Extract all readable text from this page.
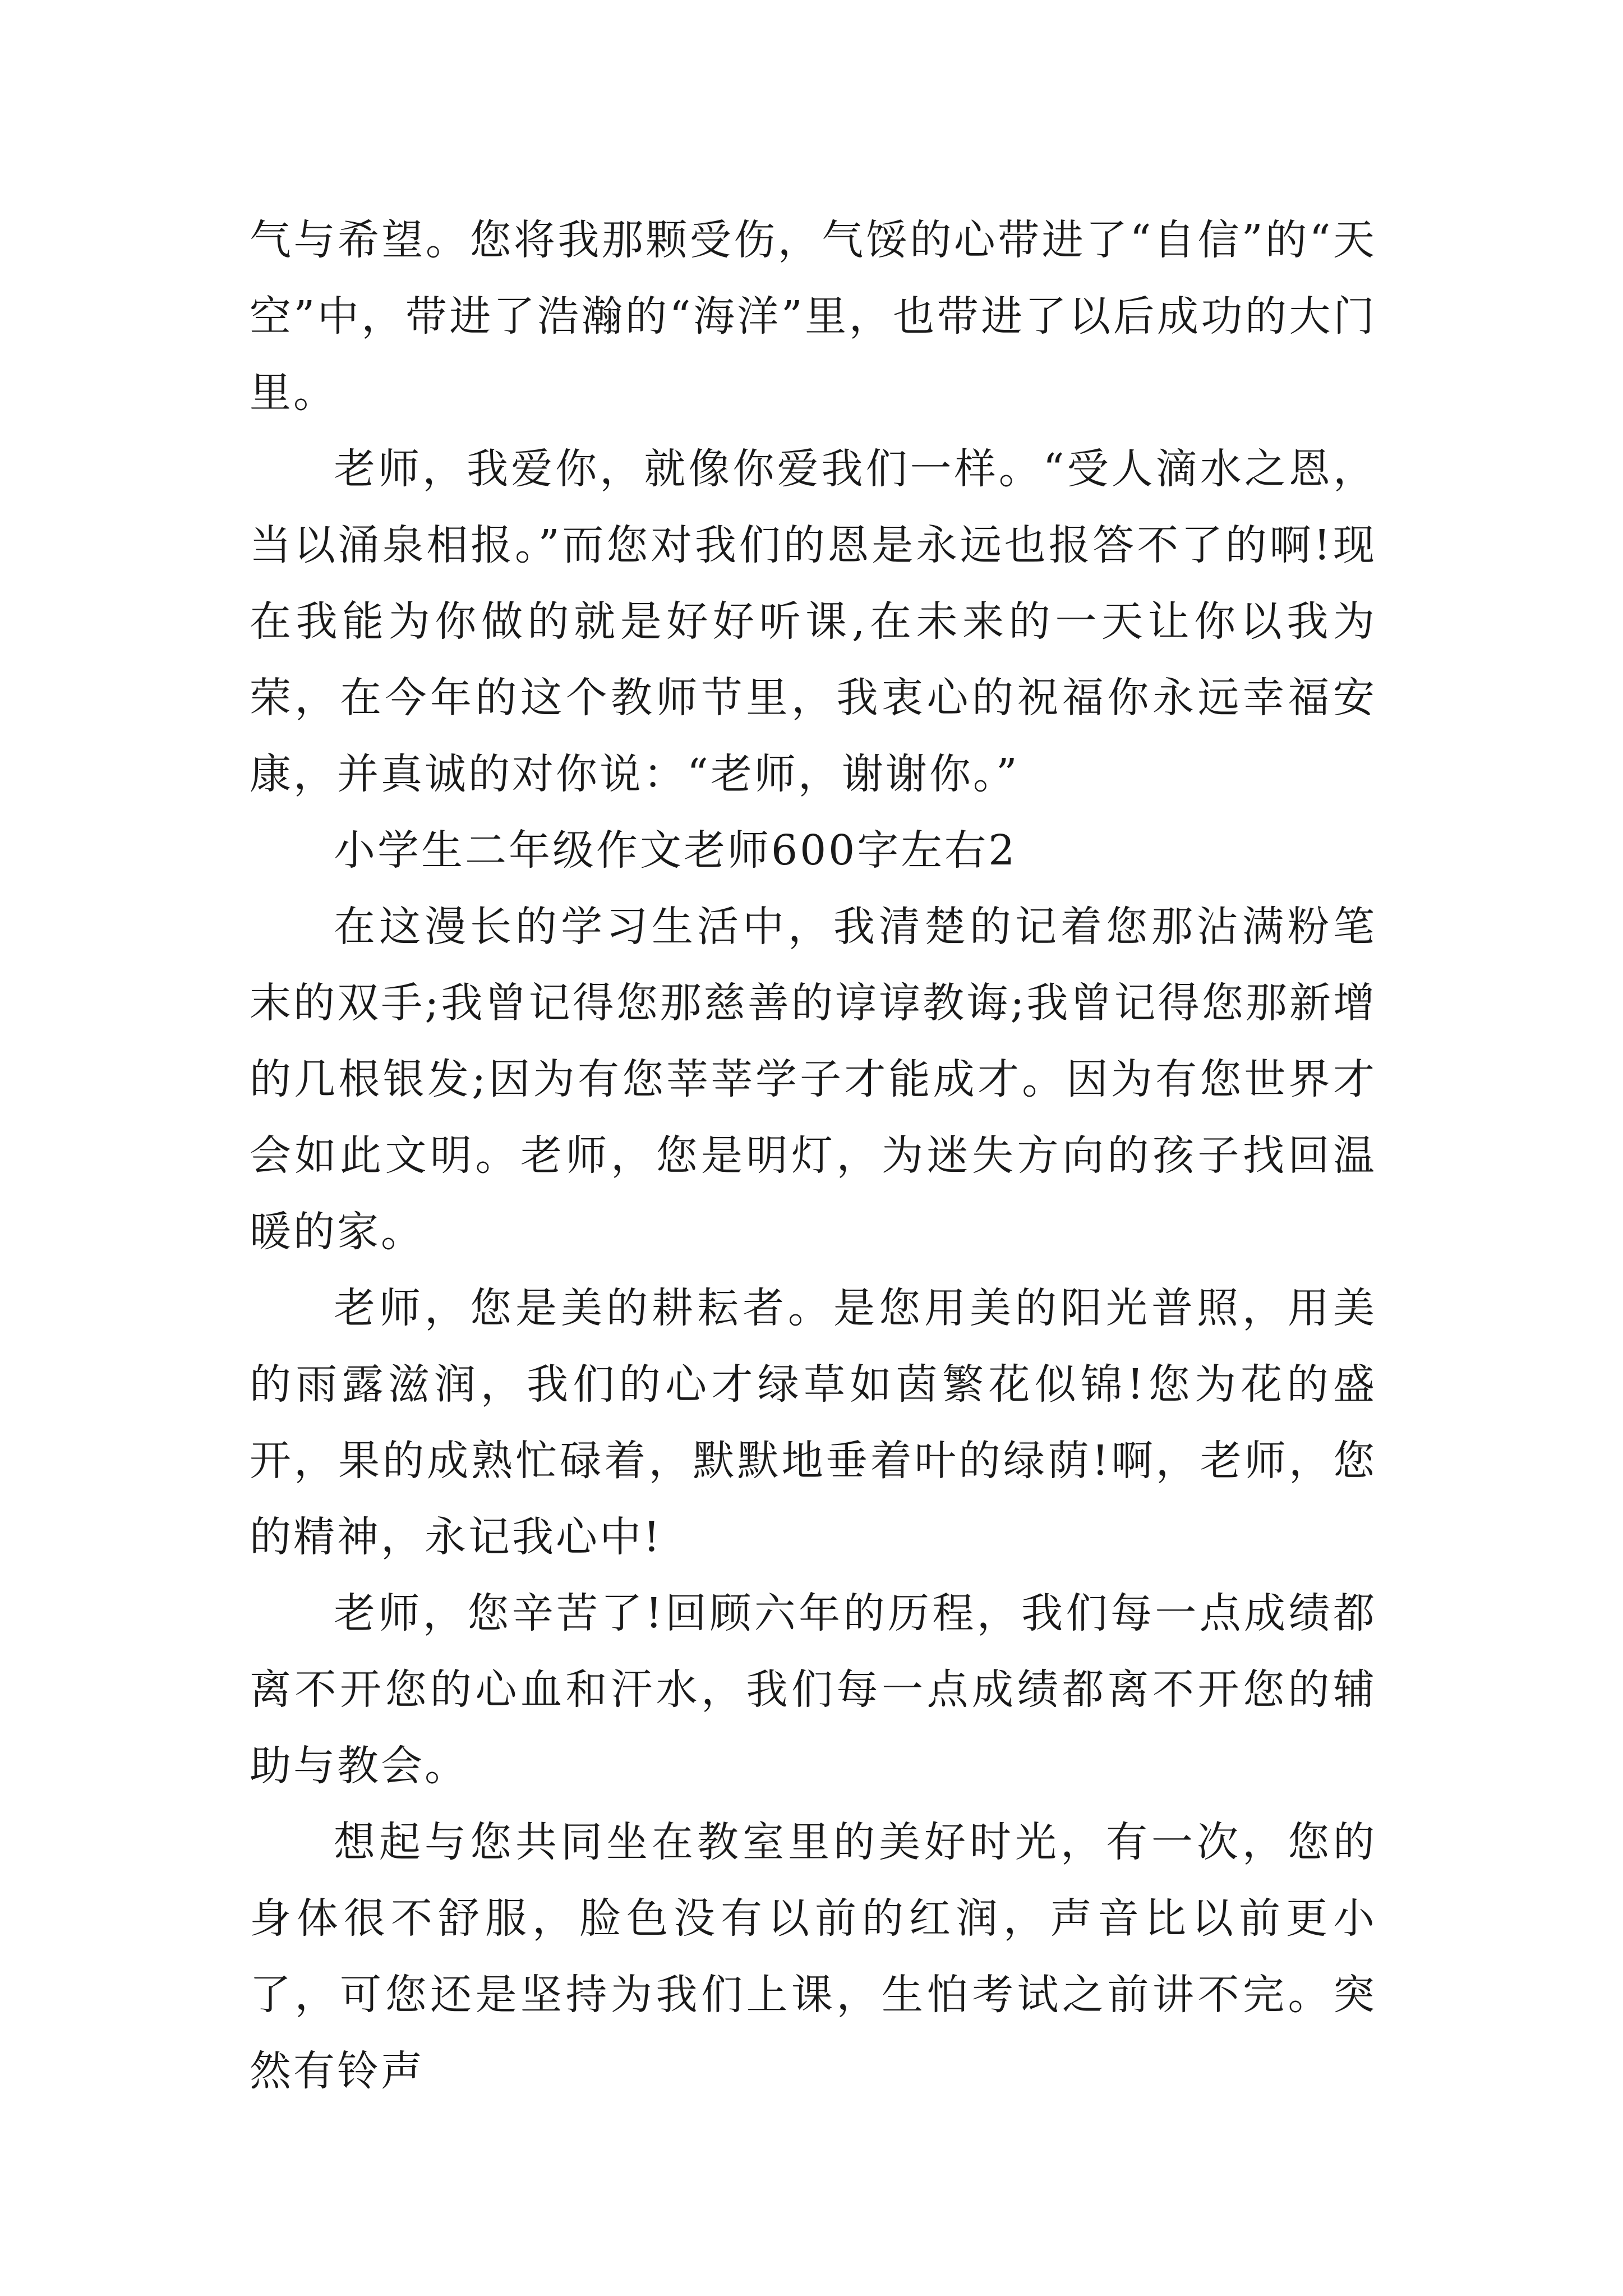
气与希望。您将我那颗受伤，气馁的心带进了“自信”的“天空”中，带进了浩瀚的“海洋”里，也带进了以后成功的大门里。

老师，我爱你，就像你爱我们一样。“受人滴水之恩，当以涌泉相报。”而您对我们的恩是永远也报答不了的啊!现在我能为你做的就是好好听课,在未来的一天让你以我为荣，在今年的这个教师节里，我衷心的祝福你永远幸福安康，并真诚的对你说：“老师，谢谢你。”

小学生二年级作文老师600字左右2

在这漫长的学习生活中，我清楚的记着您那沾满粉笔末的双手;我曾记得您那慈善的谆谆教诲;我曾记得您那新增的几根银发;因为有您莘莘学子才能成才。因为有您世界才会如此文明。老师，您是明灯，为迷失方向的孩子找回温暖的家。

老师，您是美的耕耘者。是您用美的阳光普照，用美的雨露滋润，我们的心才绿草如茵繁花似锦!您为花的盛开，果的成熟忙碌着，默默地垂着叶的绿荫!啊，老师，您的精神，永记我心中!

老师，您辛苦了!回顾六年的历程，我们每一点成绩都离不开您的心血和汗水，我们每一点成绩都离不开您的辅助与教会。

想起与您共同坐在教室里的美好时光，有一次，您的身体很不舒服，脸色没有以前的红润，声音比以前更小了，可您还是坚持为我们上课，生怕考试之前讲不完。突然有铃声
